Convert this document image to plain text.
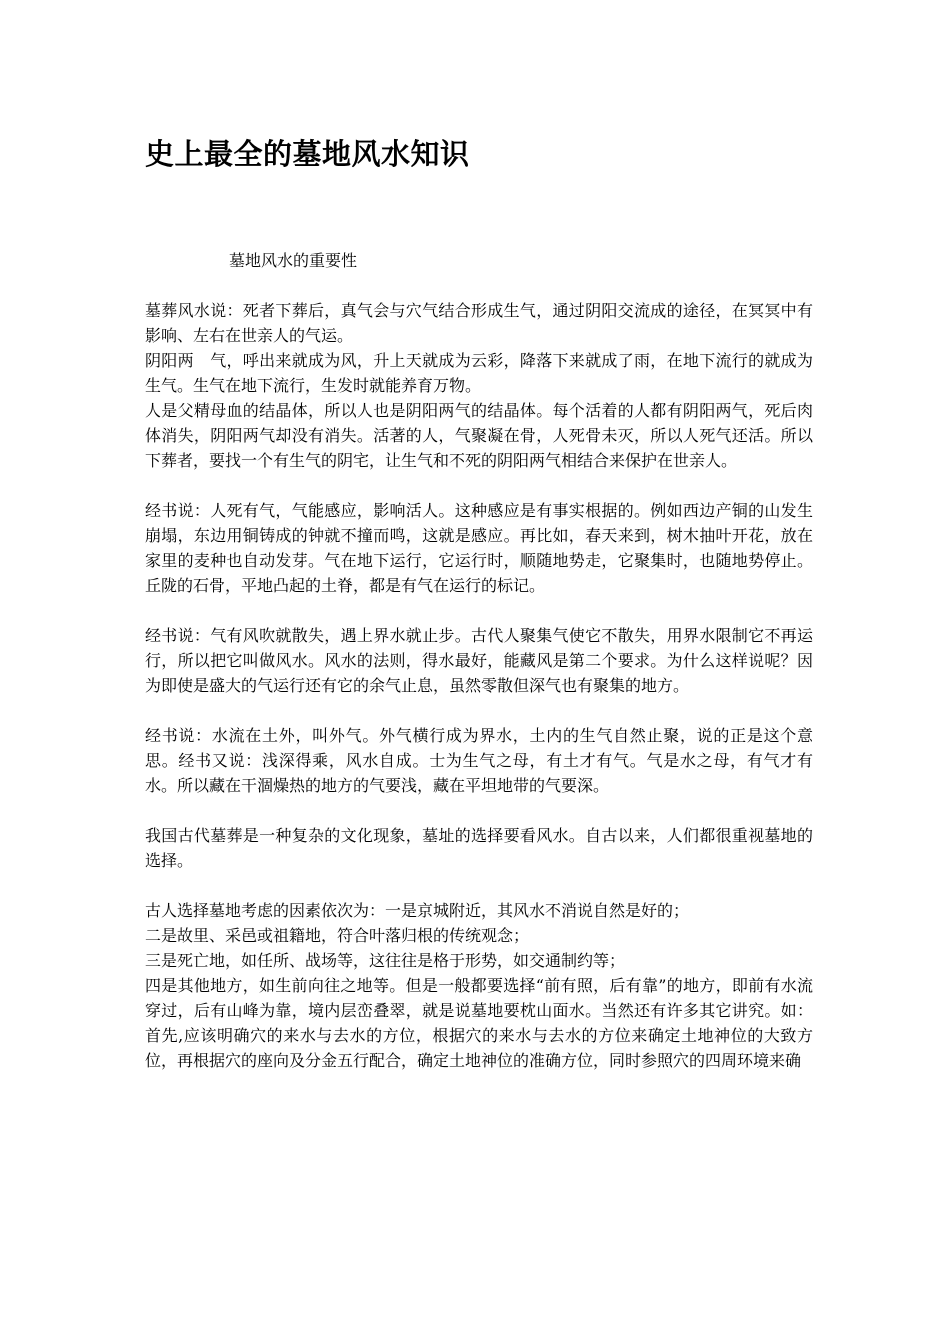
史上最全的墓地风水知识
墓地风水的重要性

墓葬风水说：死者下葬后，真气会与穴气结合形成生气，通过阴阳交流成的途径，在冥冥中有影响、左右在世亲人的气运。

阴阳两　气，呼出来就成为风，升上天就成为云彩，降落下来就成了雨，在地下流行的就成为生气。生气在地下流行，生发时就能养育万物。

人是父精母血的结晶体，所以人也是阴阳两气的结晶体。每个活着的人都有阴阳两气，死后肉体消失，阴阳两气却没有消失。活著的人，气聚凝在骨，人死骨未灭，所以人死气还活。所以下葬者，要找一个有生气的阴宅，让生气和不死的阴阳两气相结合来保护在世亲人。

经书说：人死有气，气能感应，影响活人。这种感应是有事实根据的。例如西边产铜的山发生崩塌，东边用铜铸成的钟就不撞而鸣，这就是感应。再比如，春天来到，树木抽叶开花，放在家里的麦种也自动发芽。气在地下运行，它运行时，顺随地势走，它聚集时，也随地势停止。丘陇的石骨，平地凸起的土脊，都是有气在运行的标记。

经书说：气有风吹就散失，遇上界水就止步。古代人聚集气使它不散失，用界水限制它不再运行，所以把它叫做风水。风水的法则，得水最好，能藏风是第二个要求。为什么这样说呢？因为即使是盛大的气运行还有它的余气止息，虽然零散但深气也有聚集的地方。

经书说：水流在土外，叫外气。外气横行成为界水，土内的生气自然止聚，说的正是这个意思。经书又说：浅深得乘，风水自成。士为生气之母，有土才有气。气是水之母，有气才有水。所以藏在干涸燥热的地方的气要浅，藏在平坦地带的气要深。

我国古代墓葬是一种复杂的文化现象，墓址的选择要看风水。自古以来，人们都很重视墓地的选择。

古人选择墓地考虑的因素依次为：一是京城附近，其风水不消说自然是好的；

二是故里、采邑或祖籍地，符合叶落归根的传统观念；

三是死亡地，如任所、战场等，这往往是格于形势，如交通制约等；

四是其他地方，如生前向往之地等。但是一般都要选择“前有照，后有靠”的地方，即前有水流穿过，后有山峰为靠，境内层峦叠翠，就是说墓地要枕山面水。当然还有许多其它讲究。如：首先,应该明确穴的来水与去水的方位，根据穴的来水与去水的方位来确定土地神位的大致方位，再根据穴的座向及分金五行配合，确定土地神位的准确方位，同时参照穴的四周环境来确
